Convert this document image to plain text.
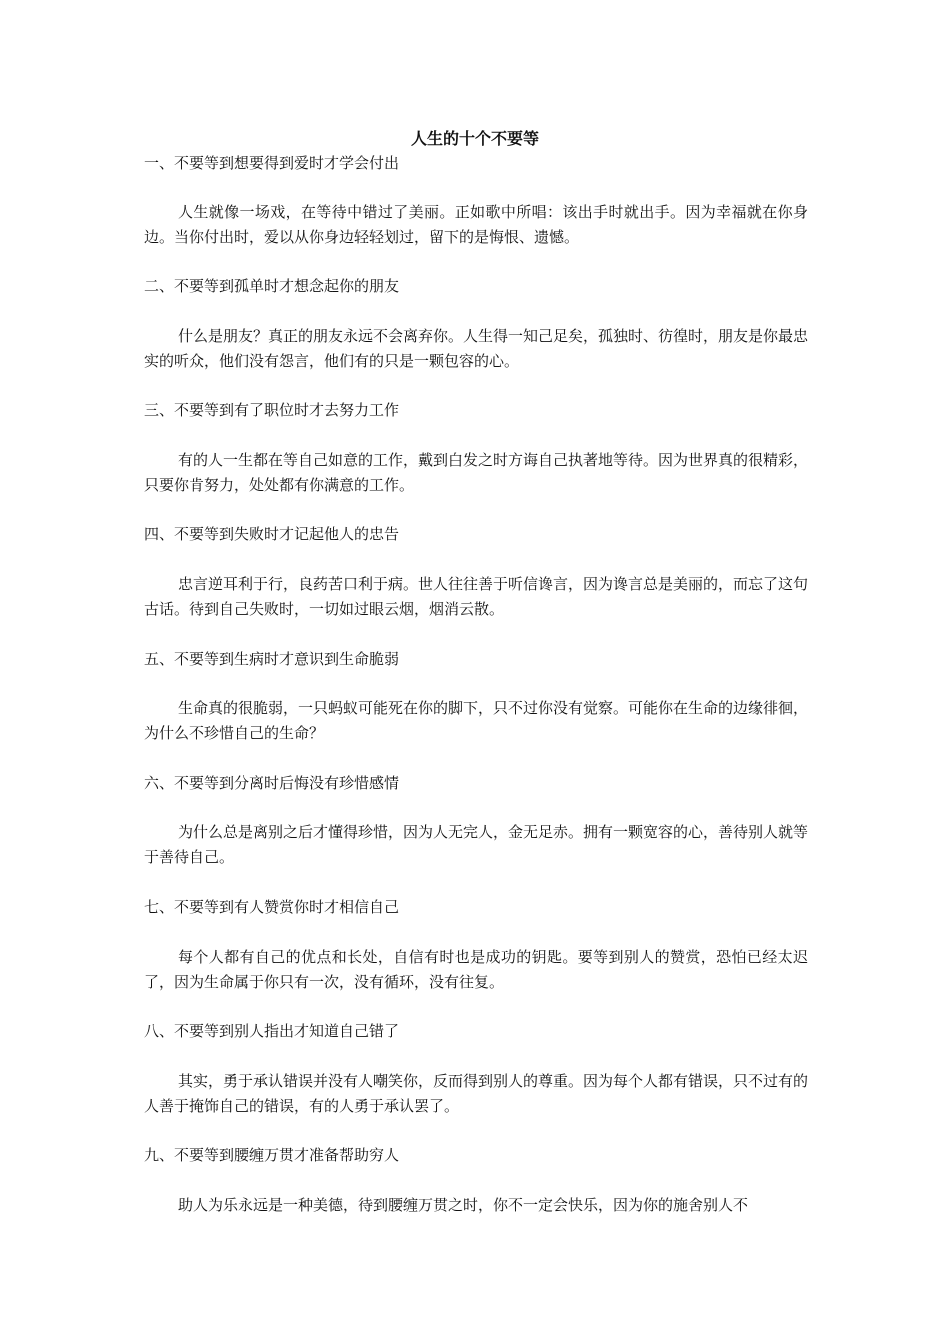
人生的十个不要等

一、不要等到想要得到爱时才学会付出

人生就像一场戏，在等待中错过了美丽。正如歌中所唱：该出手时就出手。因为幸福就在你身边。当你付出时，爱以从你身边轻轻划过，留下的是悔恨、遗憾。

二、不要等到孤单时才想念起你的朋友

什么是朋友？真正的朋友永远不会离弃你。人生得一知己足矣，孤独时、彷徨时，朋友是你最忠实的听众，他们没有怨言，他们有的只是一颗包容的心。

三、不要等到有了职位时才去努力工作

有的人一生都在等自己如意的工作，戴到白发之时方诲自己执著地等待。因为世界真的很精彩，只要你肯努力，处处都有你满意的工作。

四、不要等到失败时才记起他人的忠告

忠言逆耳利于行，良药苦口利于病。世人往往善于听信谗言，因为谗言总是美丽的，而忘了这句古话。待到自己失败时，一切如过眼云烟，烟消云散。

五、不要等到生病时才意识到生命脆弱

生命真的很脆弱，一只蚂蚁可能死在你的脚下，只不过你没有觉察。可能你在生命的边缘徘徊，为什么不珍惜自己的生命？

六、不要等到分离时后悔没有珍惜感情

为什么总是离别之后才懂得珍惜，因为人无完人，金无足赤。拥有一颗宽容的心，善待别人就等于善待自己。

七、不要等到有人赞赏你时才相信自己

每个人都有自己的优点和长处，自信有时也是成功的钥匙。要等到别人的赞赏，恐怕已经太迟了，因为生命属于你只有一次，没有循环，没有往复。

八、不要等到别人指出才知道自己错了

其实，勇于承认错误并没有人嘲笑你，反而得到别人的尊重。因为每个人都有错误，只不过有的人善于掩饰自己的错误，有的人勇于承认罢了。

九、不要等到腰缠万贯才准备帮助穷人

助人为乐永远是一种美德，待到腰缠万贯之时，你不一定会快乐，因为你的施舍别人不
